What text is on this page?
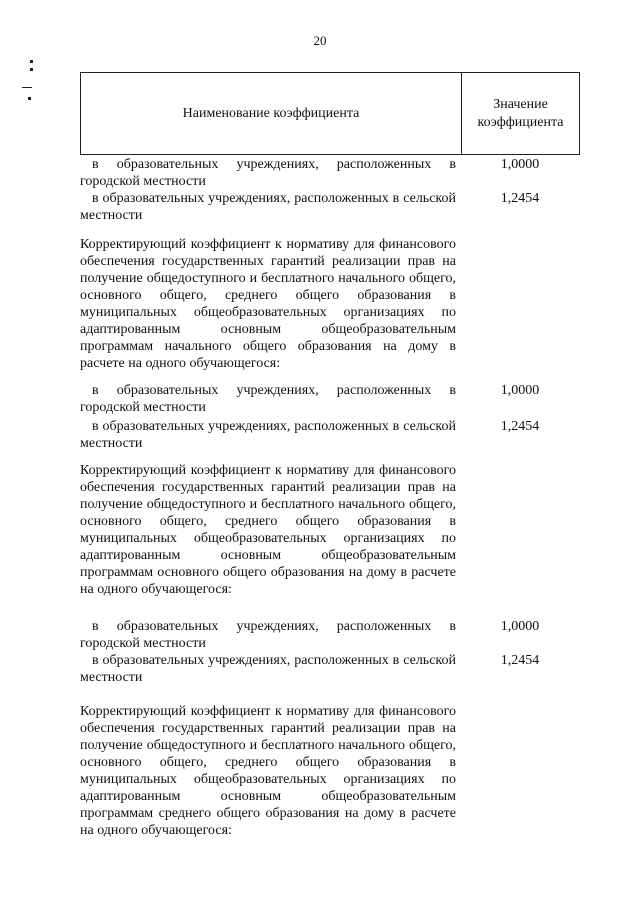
20
Наименование коэффициента
Значение
коэффициента
в образовательных учреждениях, расположенных в городской местности
1,0000
в образовательных учреждениях, расположенных в сельской местности
1,2454
Корректирующий коэффициент к нормативу для финансового обеспечения государственных гарантий реализации прав на получение общедоступного и бесплатного начального общего, основного общего, среднего общего образования в муниципальных общеобразовательных организациях по адаптированным основным общеобразовательным программам начального общего образования на дому в расчете на одного обучающегося:
в образовательных учреждениях, расположенных в городской местности
1,0000
в образовательных учреждениях, расположенных в сельской местности
1,2454
Корректирующий коэффициент к нормативу для финансового обеспечения государственных гарантий реализации прав на получение общедоступного и бесплатного начального общего, основного общего, среднего общего образования в муниципальных общеобразовательных организациях по адаптированным основным общеобразовательным программам основного общего образования на дому в расчете на одного обучающегося:
в образовательных учреждениях, расположенных в городской местности
1,0000
в образовательных учреждениях, расположенных в сельской местности
1,2454
Корректирующий коэффициент к нормативу для финансового обеспечения государственных гарантий реализации прав на получение общедоступного и бесплатного начального общего, основного общего, среднего общего образования в муниципальных общеобразовательных организациях по адаптированным основным общеобразовательным программам среднего общего образования на дому в расчете на одного обучающегося:
